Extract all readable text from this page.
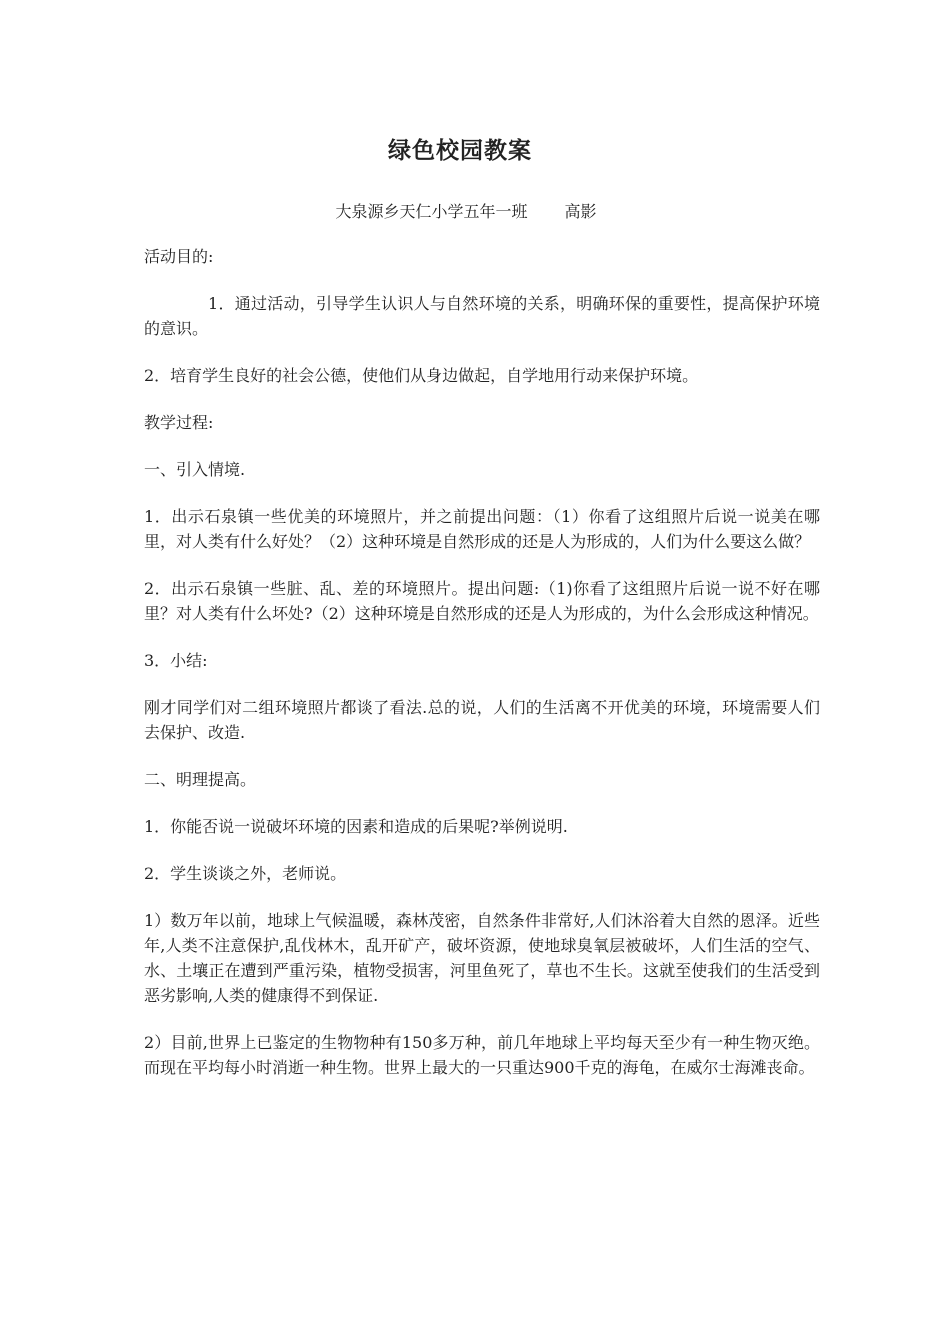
绿色校园教案
大泉源乡天仁小学五年一班　　 高影

活动目的:

1．通过活动，引导学生认识人与自然环境的关系，明确环保的重要性，提高保护环境的意识。

2．培育学生良好的社会公德，使他们从身边做起，自学地用行动来保护环境。

教学过程:

一、引入情境.

1．出示石泉镇一些优美的环境照片，并之前提出问题：（1）你看了这组照片后说一说美在哪里，对人类有什么好处？（2）这种环境是自然形成的还是人为形成的，人们为什么要这么做？

2．出示石泉镇一些脏、乱、差的环境照片。提出问题:（1)你看了这组照片后说一说不好在哪里？对人类有什么坏处?（2）这种环境是自然形成的还是人为形成的，为什么会形成这种情况。

3．小结:

刚才同学们对二组环境照片都谈了看法.总的说，人们的生活离不开优美的环境，环境需要人们去保护、改造.

二、明理提高。

1．你能否说一说破坏环境的因素和造成的后果呢?举例说明.

2．学生谈谈之外，老师说。

1）数万年以前，地球上气候温暖，森林茂密，自然条件非常好,人们沐浴着大自然的恩泽。近些年,人类不注意保护,乱伐林木，乱开矿产，破坏资源，使地球臭氧层被破坏，人们生活的空气、水、土壤正在遭到严重污染，植物受损害，河里鱼死了，草也不生长。这就至使我们的生活受到恶劣影响,人类的健康得不到保证.

2）目前,世界上已鉴定的生物物种有150多万种，前几年地球上平均每天至少有一种生物灭绝。而现在平均每小时消逝一种生物。世界上最大的一只重达900千克的海龟，在威尔士海滩丧命。
